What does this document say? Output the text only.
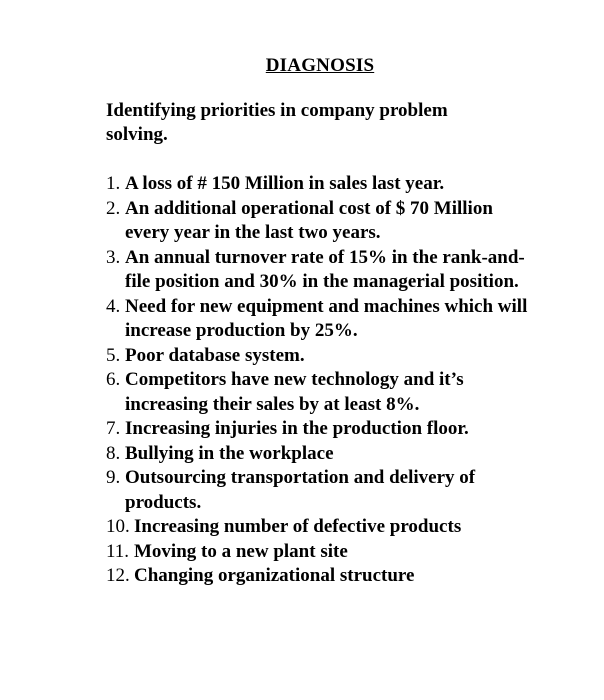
DIAGNOSIS
Identifying priorities in company problem solving.
1. A loss of # 150 Million in sales last year.
2. An additional operational cost of $ 70 Million every year in the last two years.
3. An annual turnover rate of 15% in the rank-and-file position and 30% in the managerial position.
4. Need for new equipment and machines which will increase production by 25%.
5. Poor database system.
6. Competitors have new technology and it’s increasing their sales by at least 8%.
7. Increasing injuries in the production floor.
8. Bullying in the workplace
9. Outsourcing transportation and delivery of products.
10. Increasing number of defective products
11. Moving to a new plant site
12. Changing organizational structure
